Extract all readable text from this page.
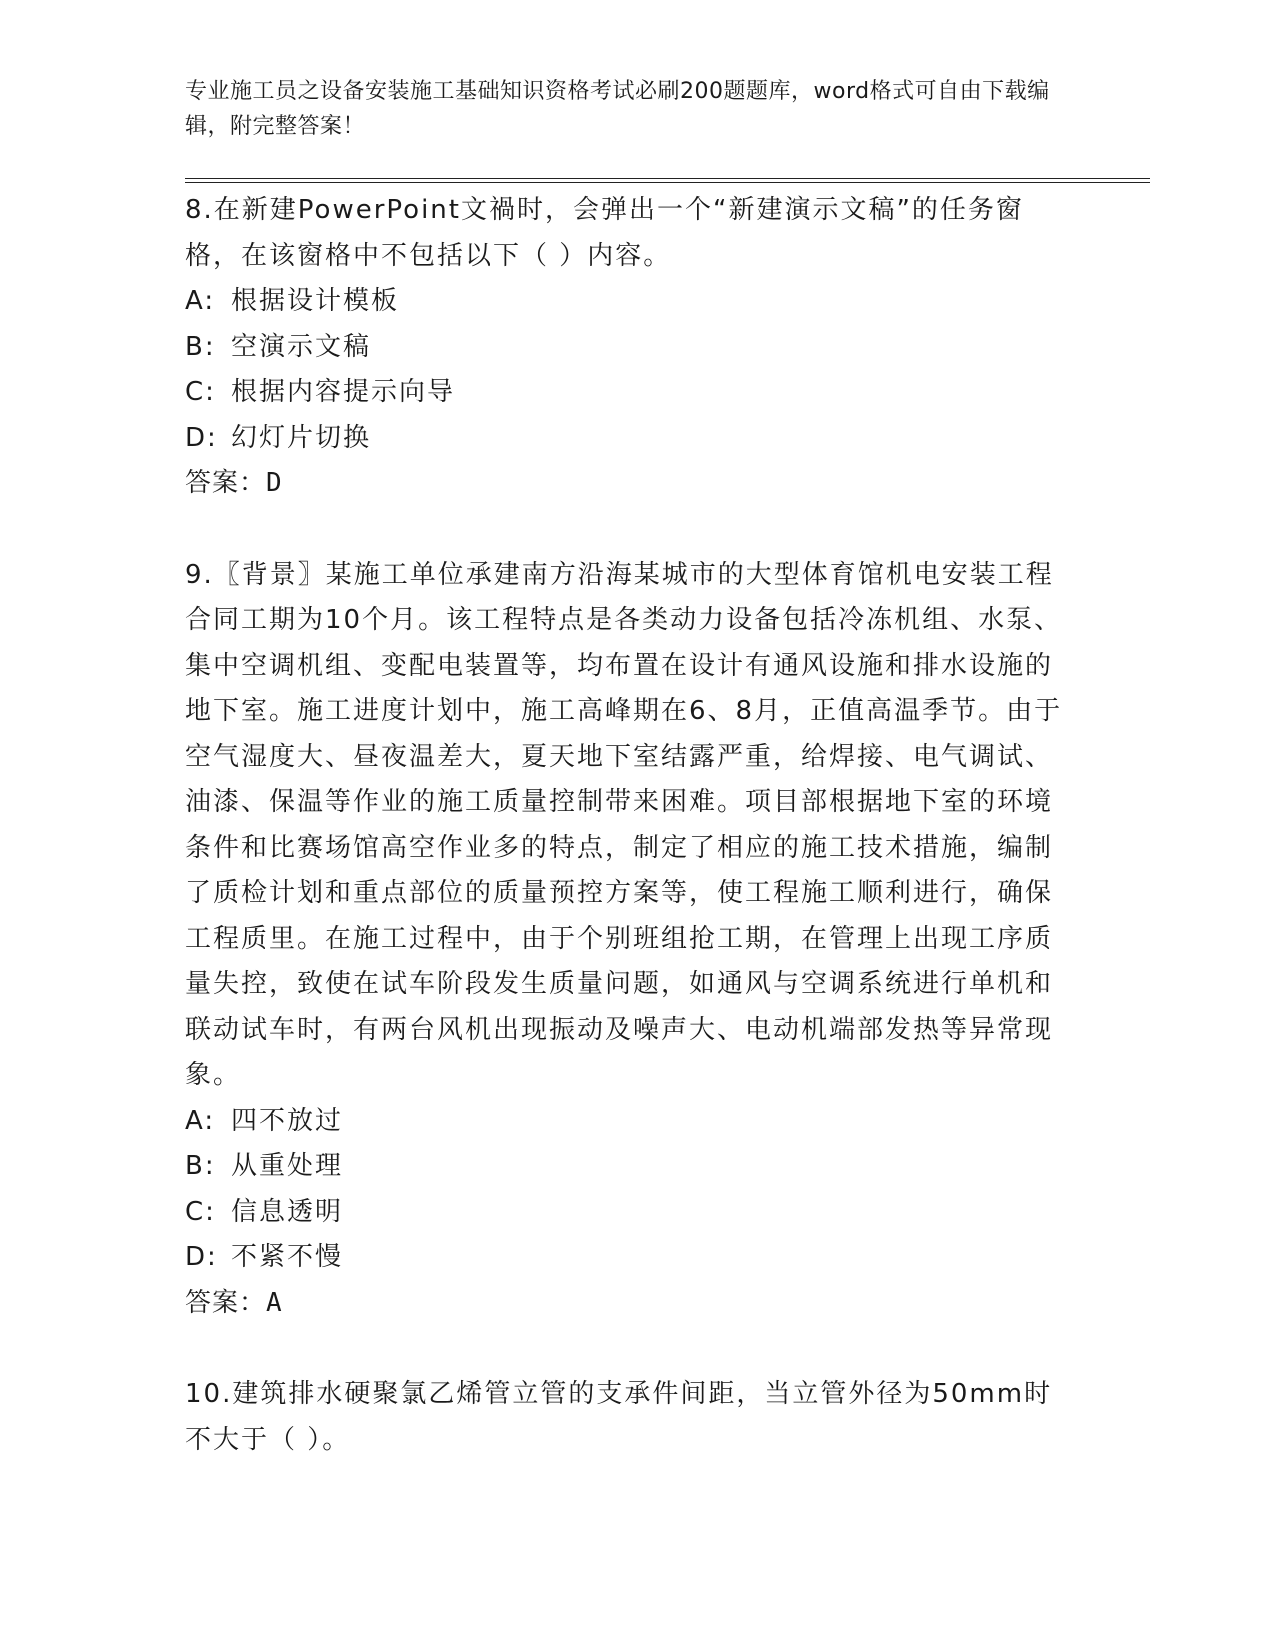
专业施工员之设备安装施工基础知识资格考试必刷200题题库，word格式可自由下载编辑，附完整答案！

8.在新建PowerPoint文禍时，会弹出一个“新建演示文稿”的任务窗格，在该窗格中不包括以下（ ）内容。

A: 根据设计模板

B: 空演示文稿

C: 根据内容提示向导

D: 幻灯片切换

答案：D

9.〖背景〗某施工单位承建南方沿海某城市的大型体育馆机电安装工程合同工期为10个月。该工程特点是各类动力设备包括冷冻机组、水泵、集中空调机组、变配电装置等，均布置在设计有通风设施和排水设施的地下室。施工进度计划中，施工高峰期在6、8月，正值高温季节。由于空气湿度大、昼夜温差大，夏天地下室结露严重，给焊接、电气调试、油漆、保温等作业的施工质量控制带来困难。项目部根据地下室的环境条件和比赛场馆高空作业多的特点，制定了相应的施工技术措施，编制了质检计划和重点部位的质量预控方案等，使工程施工顺利进行，确保工程质里。在施工过程中，由于个别班组抢工期，在管理上出现工序质量失控，致使在试车阶段发生质量问题，如通风与空调系统进行单机和联动试车时，有两台风机出现振动及噪声大、电动机端部发热等异常现象。

A: 四不放过

B: 从重处理

C: 信息透明

D: 不紧不慢

答案：A

10.建筑排水硬聚氯乙烯管立管的支承件间距，当立管外径为50mm时不大于（ ）。
